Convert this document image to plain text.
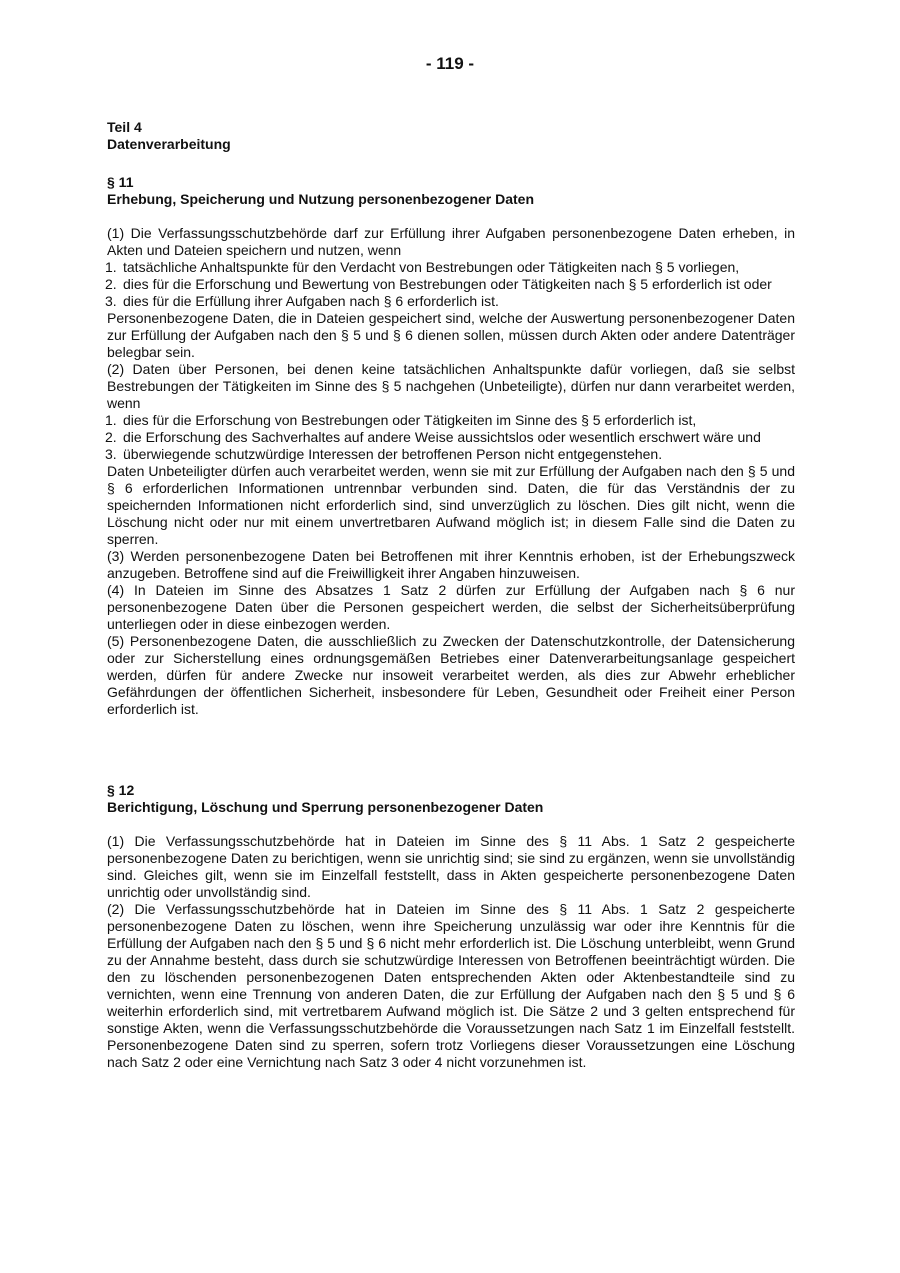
- 119 -
Teil 4
Datenverarbeitung
§ 11
Erhebung, Speicherung und Nutzung personenbezogener Daten

(1) Die Verfassungsschutzbehörde darf zur Erfüllung ihrer Aufgaben personenbezogene Daten erheben, in Akten und Dateien speichern und nutzen, wenn

1. tatsächliche Anhaltspunkte für den Verdacht von Bestrebungen oder Tätigkeiten nach § 5 vorliegen,
2. dies für die Erforschung und Bewertung von Bestrebungen oder Tätigkeiten nach § 5 erforderlich ist oder
3. dies für die Erfüllung ihrer Aufgaben nach § 6 erforderlich ist.

Personenbezogene Daten, die in Dateien gespeichert sind, welche der Auswertung personenbezogener Daten zur Erfüllung der Aufgaben nach den § 5 und § 6 dienen sollen, müssen durch Akten oder andere Datenträger belegbar sein.

(2) Daten über Personen, bei denen keine tatsächlichen Anhaltspunkte dafür vorliegen, daß sie selbst Bestrebungen der Tätigkeiten im Sinne des § 5 nachgehen (Unbeteiligte), dürfen nur dann verarbeitet werden, wenn

1. dies für die Erforschung von Bestrebungen oder Tätigkeiten im Sinne des § 5 erforderlich ist,
2. die Erforschung des Sachverhaltes auf andere Weise aussichtslos oder wesentlich erschwert wäre und
3. überwiegende schutzwürdige Interessen der betroffenen Person nicht entgegenstehen.

Daten Unbeteiligter dürfen auch verarbeitet werden, wenn sie mit zur Erfüllung der Aufgaben nach den § 5 und § 6 erforderlichen Informationen untrennbar verbunden sind. Daten, die für das Verständnis der zu speichernden Informationen nicht erforderlich sind, sind unverzüglich zu löschen. Dies gilt nicht, wenn die Löschung nicht oder nur mit einem unvertretbaren Aufwand möglich ist; in diesem Falle sind die Daten zu sperren.

(3) Werden personenbezogene Daten bei Betroffenen mit ihrer Kenntnis erhoben, ist der Erhebungszweck anzugeben. Betroffene sind auf die Freiwilligkeit ihrer Angaben hinzuweisen.

(4) In Dateien im Sinne des Absatzes 1 Satz 2 dürfen zur Erfüllung der Aufgaben nach § 6 nur personenbezogene Daten über die Personen gespeichert werden, die selbst der Sicherheitsüberprüfung unterliegen oder in diese einbezogen werden.

(5) Personenbezogene Daten, die ausschließlich zu Zwecken der Datenschutzkontrolle, der Datensicherung oder zur Sicherstellung eines ordnungsgemäßen Betriebes einer Datenverarbeitungsanlage gespeichert werden, dürfen für andere Zwecke nur insoweit verarbeitet werden, als dies zur Abwehr erheblicher Gefährdungen der öffentlichen Sicherheit, insbesondere für Leben, Gesundheit oder Freiheit einer Person erforderlich ist.

§ 12
Berichtigung, Löschung und Sperrung personenbezogener Daten

(1) Die Verfassungsschutzbehörde hat in Dateien im Sinne des § 11 Abs. 1 Satz 2 gespeicherte personenbezogene Daten zu berichtigen, wenn sie unrichtig sind; sie sind zu ergänzen, wenn sie unvollständig sind. Gleiches gilt, wenn sie im Einzelfall feststellt, dass in Akten gespeicherte personenbezogene Daten unrichtig oder unvollständig sind.

(2) Die Verfassungsschutzbehörde hat in Dateien im Sinne des § 11 Abs. 1 Satz 2 gespeicherte personenbezogene Daten zu löschen, wenn ihre Speicherung unzulässig war oder ihre Kenntnis für die Erfüllung der Aufgaben nach den § 5 und § 6 nicht mehr erforderlich ist. Die Löschung unterbleibt, wenn Grund zu der Annahme besteht, dass durch sie schutzwürdige Interessen von Betroffenen beeinträchtigt würden. Die den zu löschenden personenbezogenen Daten entsprechenden Akten oder Aktenbestandteile sind zu vernichten, wenn eine Trennung von anderen Daten, die zur Erfüllung der Aufgaben nach den § 5 und § 6 weiterhin erforderlich sind, mit vertretbarem Aufwand möglich ist. Die Sätze 2 und 3 gelten entsprechend für sonstige Akten, wenn die Verfassungsschutzbehörde die Voraussetzungen nach Satz 1 im Einzelfall feststellt. Personenbezogene Daten sind zu sperren, sofern trotz Vorliegens dieser Voraussetzungen eine Löschung nach Satz 2 oder eine Vernichtung nach Satz 3 oder 4 nicht vorzunehmen ist.
